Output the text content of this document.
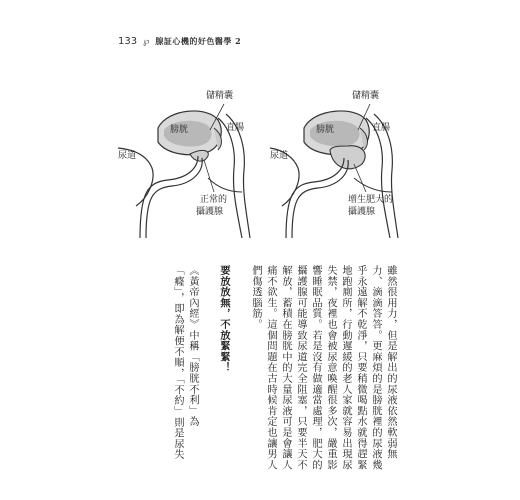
133 ℘ 腺証心機的好色醫學 2
儲精囊
膀胱	直腸
尿道
正常的
攝護腺
儲精囊
膀胱	直腸
尿道
增生肥大的
攝護腺
雖然很用力，但是解出的尿液依然軟弱無
力、滴滴答答。更麻煩的是膀胱裡的尿液幾
乎永遠解不乾淨，只要稍微喝點水就得趕緊
地跑廁所，行動遲緩的老人家就容易出現尿
失禁，夜裡也會被尿意喚醒很多次，嚴重影
響睡眠品質。若是沒有做適當處理，肥大的
攝護腺可能導致尿道完全阻塞，只要半天不
解放，蓄積在膀胱中的大量尿液可是會讓人
痛不欲生。這個問題在古時候肯定也讓男人
們傷透腦筋。
要放放無，不放緊緊！
《黃帝內經》中稱「膀胱不利」為
「癃」，即為解便不順，「不約」則是尿失
